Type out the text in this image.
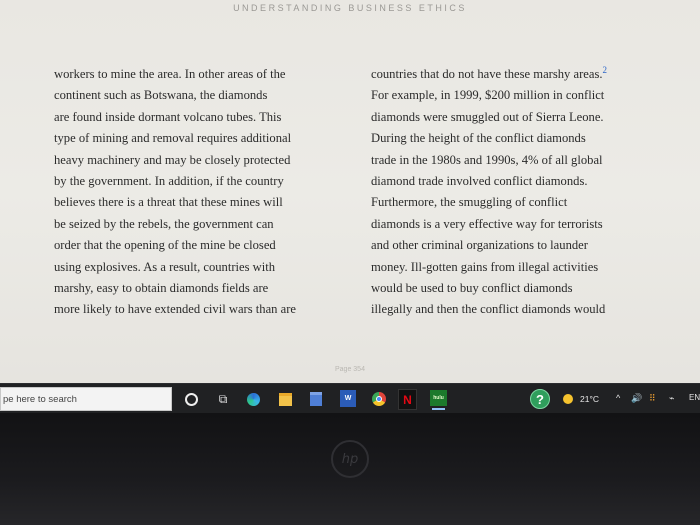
UNDERSTANDING BUSINESS ETHICS
workers to mine the area. In other areas of the
continent such as Botswana, the diamonds
are found inside dormant volcano tubes. This
type of mining and removal requires additional
heavy machinery and may be closely protected
by the government. In addition, if the country
believes there is a threat that these mines will
be seized by the rebels, the government can
order that the opening of the mine be closed
using explosives. As a result, countries with
marshy, easy to obtain diamonds fields are
more likely to have extended civil wars than are
countries that do not have these marshy areas.$^2$
For example, in 1999, $200 million in conflict
diamonds were smuggled out of Sierra Leone.
During the height of the conflict diamonds
trade in the 1980s and 1990s, 4% of all global
diamond trade involved conflict diamonds.
Furthermore, the smuggling of conflict
diamonds is a very effective way for terrorists
and other criminal organizations to launder
money. Ill-gotten gains from illegal activities
would be used to buy conflict diamonds
illegally and then the conflict diamonds would
Page 354
pe here to search	⧉	W	N	hulu	?	21°C ^ 🔊 ⠿ ⌁ EN
hp
